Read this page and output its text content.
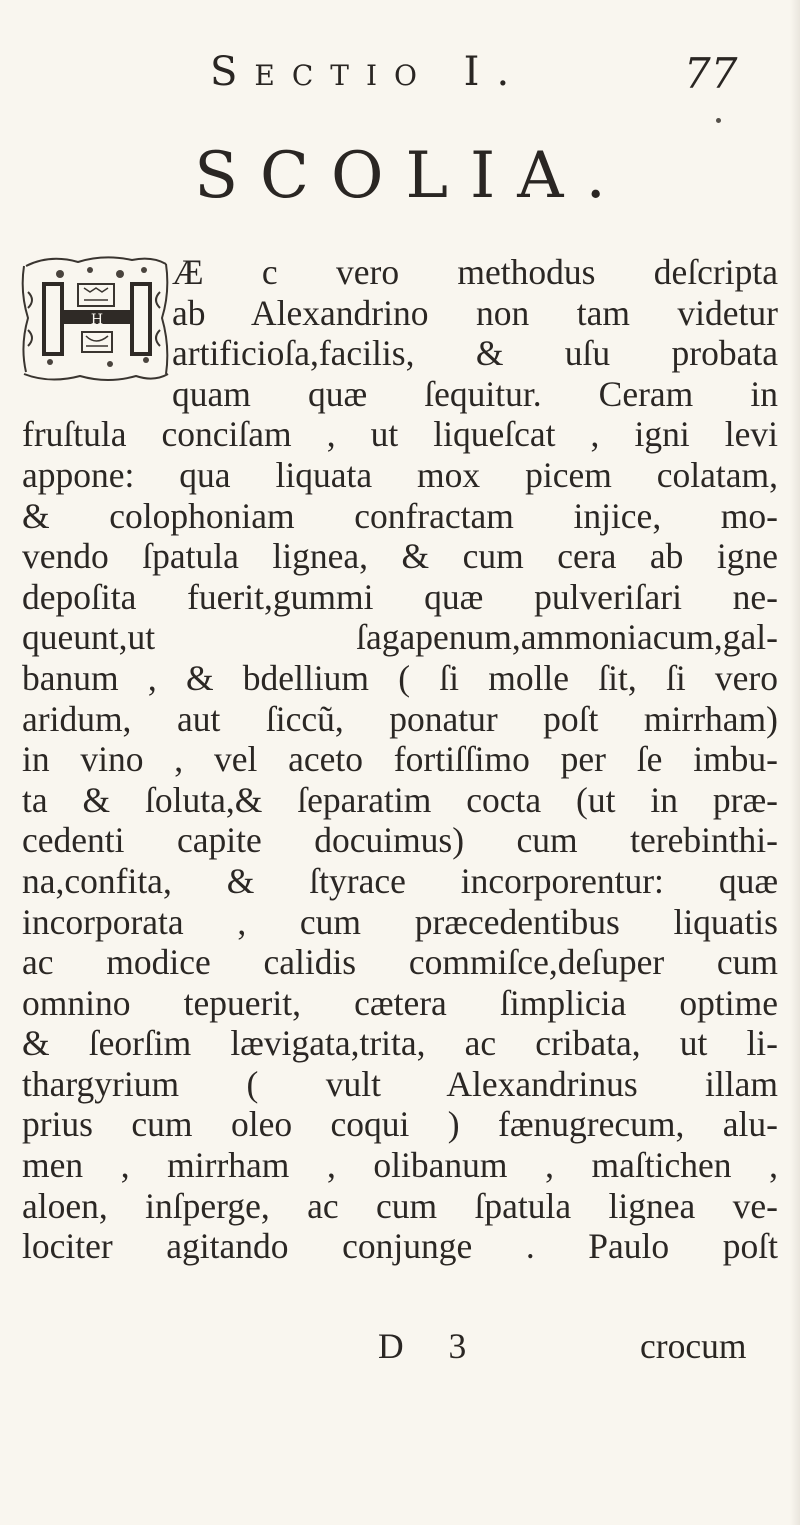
Sectio I.	77
SCOLIA.
H
Æ c vero methodus deſcripta
ab Alexandrino non tam videtur
artificioſa,facilis, & uſu probata
quam quæ ſequitur. Ceram in
fruſtula conciſam , ut liqueſcat , igni levi
appone: qua liquata mox picem colatam,
& colophoniam confractam injice, mo-
vendo ſpatula lignea, & cum cera ab igne
depoſita fuerit,gummi quæ pulveriſari ne-
queunt,ut ſagapenum,ammoniacum,gal-
banum , & bdellium ( ſi molle ſit, ſi vero
aridum, aut ſiccũ, ponatur poſt mirrham)
in vino , vel aceto fortiſſimo per ſe imbu-
ta & ſoluta,& ſeparatim cocta (ut in præ-
cedenti capite docuimus) cum terebinthi-
na,confita, & ſtyrace incorporentur: quæ
incorporata , cum præcedentibus liquatis
ac modice calidis commiſce,deſuper cum
omnino tepuerit, cætera ſimplicia optime
& ſeorſim lævigata,trita, ac cribata, ut li-
thargyrium ( vult Alexandrinus illam
prius cum oleo coqui ) fænugrecum, alu-
men , mirrham , olibanum , maſtichen ,
aloen, inſperge, ac cum ſpatula lignea ve-
lociter agitando conjunge . Paulo poſt
D 3	crocum
